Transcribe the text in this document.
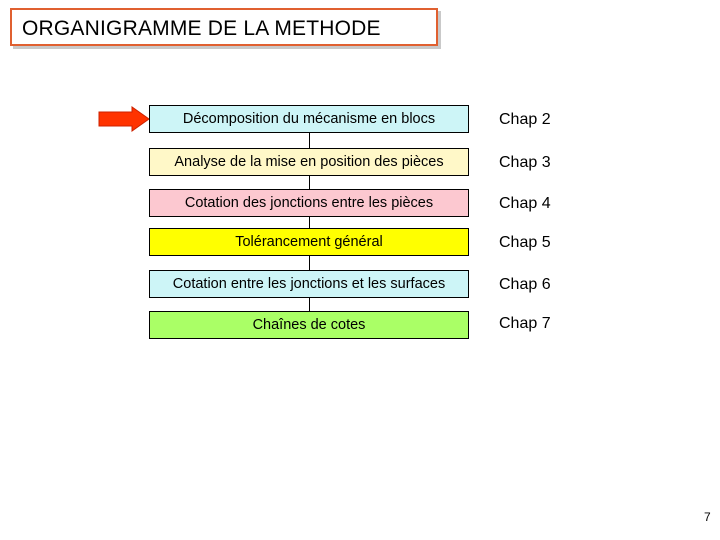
ORGANIGRAMME DE LA METHODE
Décomposition du mécanisme en blocs	Chap 2
Analyse de la mise en position des pièces	Chap 3
Cotation des jonctions entre les pièces	Chap 4
Tolérancement général	Chap 5
Cotation entre les jonctions et les surfaces	Chap 6
Chaînes de cotes	Chap 7
7
